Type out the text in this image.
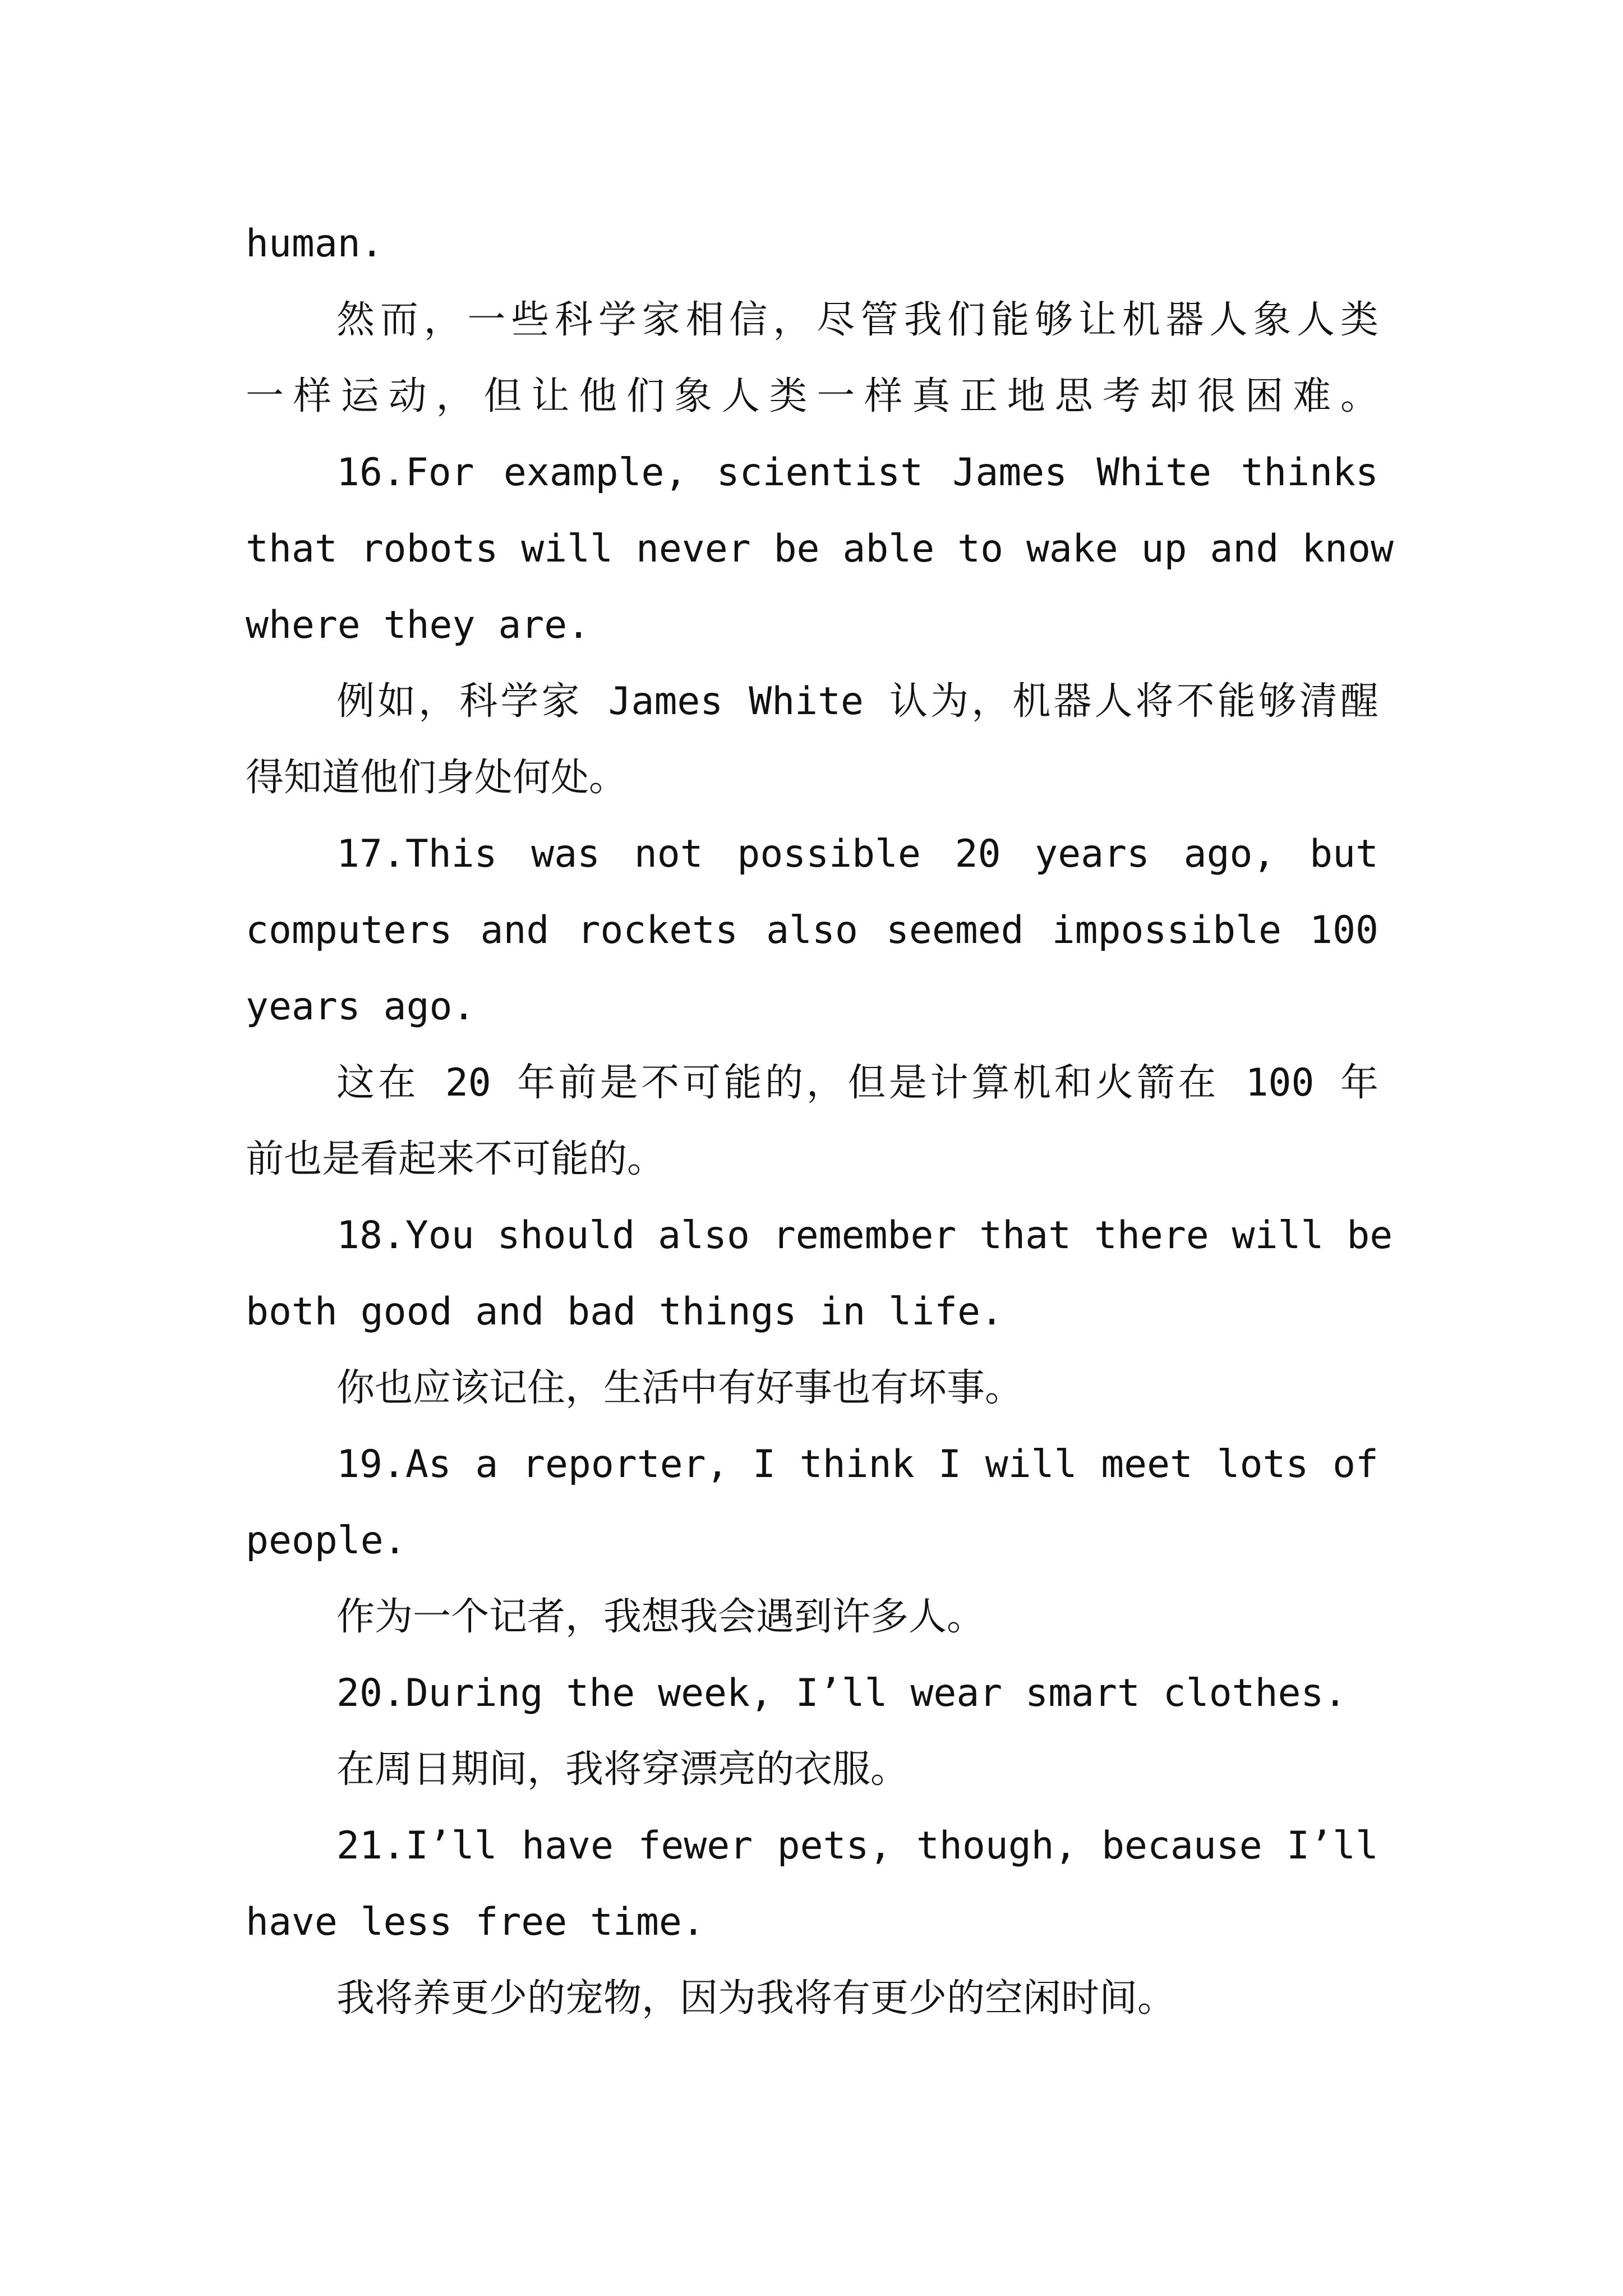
human.

然而，一些科学家相信，尽管我们能够让机器人象人类

一样运动，但让他们象人类一样真正地思考却很困难。

16.For example, scientist James White thinks

that robots will never be able to wake up and know

where they are.

例如，科学家 James White 认为，机器人将不能够清醒

得知道他们身处何处。

17.This was not possible 20 years ago, but

computers and rockets also seemed impossible 100

years ago.

这在 20 年前是不可能的，但是计算机和火箭在 100 年

前也是看起来不可能的。

18.You should also remember that there will be

both good and bad things in life.

你也应该记住，生活中有好事也有坏事。

19.As a reporter, I think I will meet lots of

people.

作为一个记者，我想我会遇到许多人。

20.During the week, I’ll wear smart clothes.

在周日期间，我将穿漂亮的衣服。

21.I’ll have fewer pets, though, because I’ll

have less free time.

我将养更少的宠物，因为我将有更少的空闲时间。
